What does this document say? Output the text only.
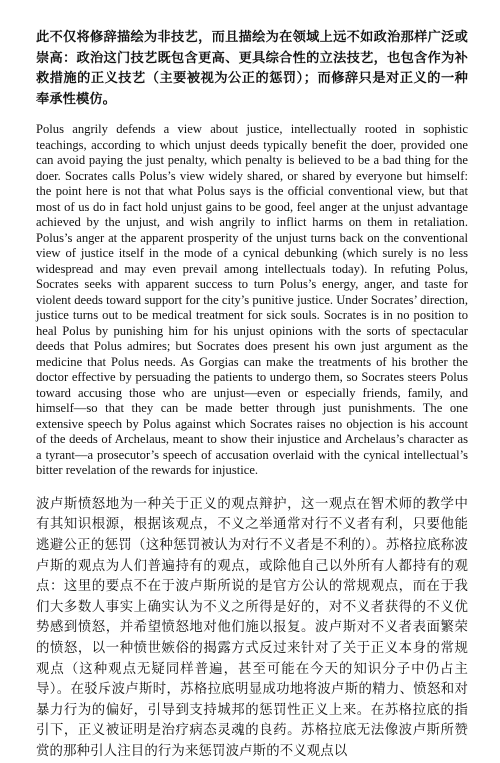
此不仅将修辞描绘为非技艺，而且描绘为在领域上远不如政治那样广泛或崇高：政治这门技艺既包含更高、更具综合性的立法技艺，也包含作为补救措施的正义技艺（主要被视为公正的惩罚）；而修辞只是对正义的一种奉承性模仿。

Polus angrily defends a view about justice, intellectually rooted in sophistic teachings, according to which unjust deeds typically benefit the doer, provided one can avoid paying the just penalty, which penalty is believed to be a bad thing for the doer. Socrates calls Polus’s view widely shared, or shared by everyone but himself: the point here is not that what Polus says is the official conventional view, but that most of us do in fact hold unjust gains to be good, feel anger at the unjust advantage achieved by the unjust, and wish angrily to inflict harms on them in retaliation. Polus’s anger at the apparent prosperity of the unjust turns back on the conventional view of justice itself in the mode of a cynical debunking (which surely is no less widespread and may even prevail among intellectuals today). In refuting Polus, Socrates seeks with apparent success to turn Polus’s energy, anger, and taste for violent deeds toward support for the city’s punitive justice. Under Socrates’ direction, justice turns out to be medical treatment for sick souls. Socrates is in no position to heal Polus by punishing him for his unjust opinions with the sorts of spectacular deeds that Polus admires; but Socrates does present his own just argument as the medicine that Polus needs. As Gorgias can make the treatments of his brother the doctor effective by persuading the patients to undergo them, so Socrates steers Polus toward accusing those who are unjust—even or especially friends, family, and himself—so that they can be made better through just punishments. The one extensive speech by Polus against which Socrates raises no objection is his account of the deeds of Archelaus, meant to show their injustice and Archelaus’s character as a tyrant—a prosecutor’s speech of accusation overlaid with the cynical intellectual’s bitter revelation of the rewards for injustice.

波卢斯愤怒地为一种关于正义的观点辩护，这一观点在智术师的教学中有其知识根源，根据该观点，不义之举通常对行不义者有利，只要他能逃避公正的惩罚（这种惩罚被认为对行不义者是不利的）。苏格拉底称波卢斯的观点为人们普遍持有的观点，或除他自己以外所有人都持有的观点：这里的要点不在于波卢斯所说的是官方公认的常规观点，而在于我们大多数人事实上确实认为不义之所得是好的，对不义者获得的不义优势感到愤怒，并希望愤怒地对他们施以报复。波卢斯对不义者表面繁荣的愤怒，以一种愤世嫉俗的揭露方式反过来针对了关于正义本身的常规观点（这种观点无疑同样普遍，甚至可能在今天的知识分子中仍占主导）。在驳斥波卢斯时，苏格拉底明显成功地将波卢斯的精力、愤怒和对暴力行为的偏好，引导到支持城邦的惩罚性正义上来。在苏格拉底的指引下，正义被证明是治疗病态灵魂的良药。苏格拉底无法像波卢斯所赞赏的那种引人注目的行为来惩罚波卢斯的不义观点以
